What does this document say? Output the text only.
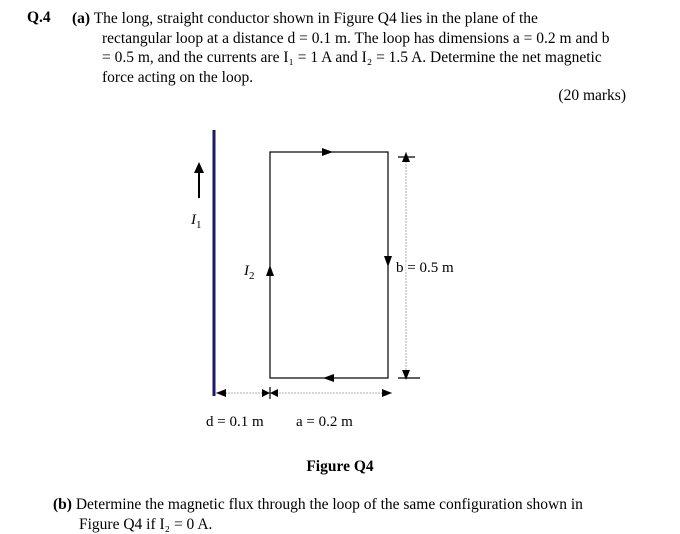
Q.4 (a) The long, straight conductor shown in Figure Q4 lies in the plane of the
rectangular loop at a distance d = 0.1 m. The loop has dimensions a = 0.2 m and b
= 0.5 m, and the currents are I₁ = 1 A and I₂ = 1.5 A. Determine the net magnetic
force acting on the loop.
(20 marks)
$I_1$
$I_2$	b = 0.5 m
d = 0.1 m a = 0.2 m
Figure Q4
(b) Determine the magnetic flux through the loop of the same configuration shown in
Figure Q4 if I₂ = 0 A.
